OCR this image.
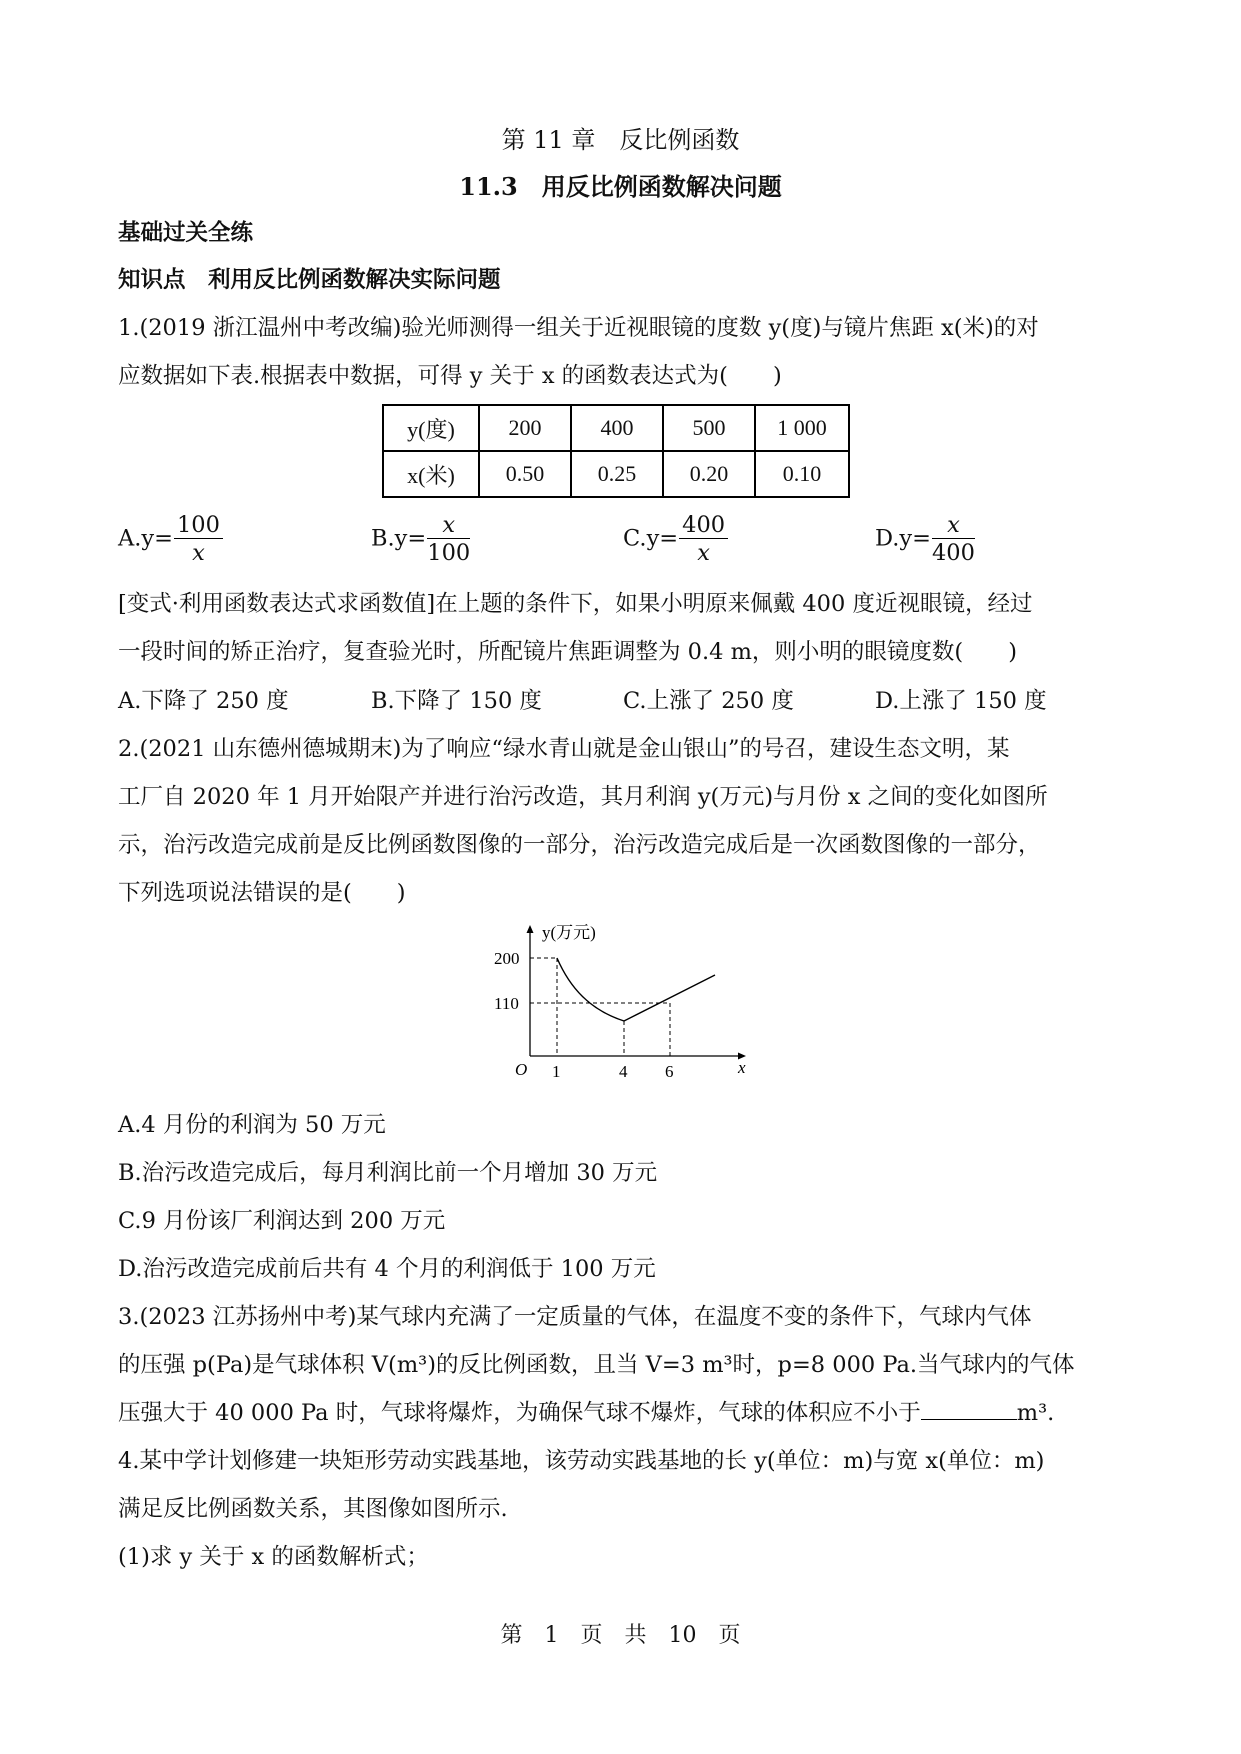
第 11 章　反比例函数
11.3　用反比例函数解决问题
基础过关全练
知识点　利用反比例函数解决实际问题
1.(2019 浙江温州中考改编)验光师测得一组关于近视眼镜的度数 y(度)与镜片焦距 x(米)的对
应数据如下表.根据表中数据，可得 y 关于 x 的函数表达式为(　　)
y(度)	200	400	500	1 000
x(米)	0.50	0.25	0.20	0.10
$A.y= \frac{100}{x}$	$B.y= \frac{x}{100}$	$C.y= \frac{400}{x}$	$D.y= \frac{x}{400}$
[变式·利用函数表达式求函数值]在上题的条件下，如果小明原来佩戴 400 度近视眼镜，经过
一段时间的矫正治疗，复查验光时，所配镜片焦距调整为 0.4 m，则小明的眼镜度数(　　)
A.下降了 250 度	B.下降了 150 度	C.上涨了 250 度	D.上涨了 150 度
2.(2021 山东德州德城期末)为了响应“绿水青山就是金山银山”的号召，建设生态文明，某
工厂自 2020 年 1 月开始限产并进行治污改造，其月利润 y(万元)与月份 x 之间的变化如图所
示，治污改造完成前是反比例函数图像的一部分，治污改造完成后是一次函数图像的一部分，
下列选项说法错误的是(　　)
y(万元)
200
110
O 1	4 6	x
A.4 月份的利润为 50 万元
B.治污改造完成后，每月利润比前一个月增加 30 万元
C.9 月份该厂利润达到 200 万元
D.治污改造完成前后共有 4 个月的利润低于 100 万元
3.(2023 江苏扬州中考)某气球内充满了一定质量的气体，在温度不变的条件下，气球内气体
的压强 p(Pa)是气球体积 V(m³)的反比例函数，且当 V=3 m³时，p=8 000 Pa.当气球内的气体
压强大于 40 000 Pa 时，气球将爆炸，为确保气球不爆炸，气球的体积应不小于	m³.
4.某中学计划修建一块矩形劳动实践基地，该劳动实践基地的长 y(单位：m)与宽 x(单位：m)
满足反比例函数关系，其图像如图所示.
(1)求 y 关于 x 的函数解析式；
第　1　页　共　10　页
